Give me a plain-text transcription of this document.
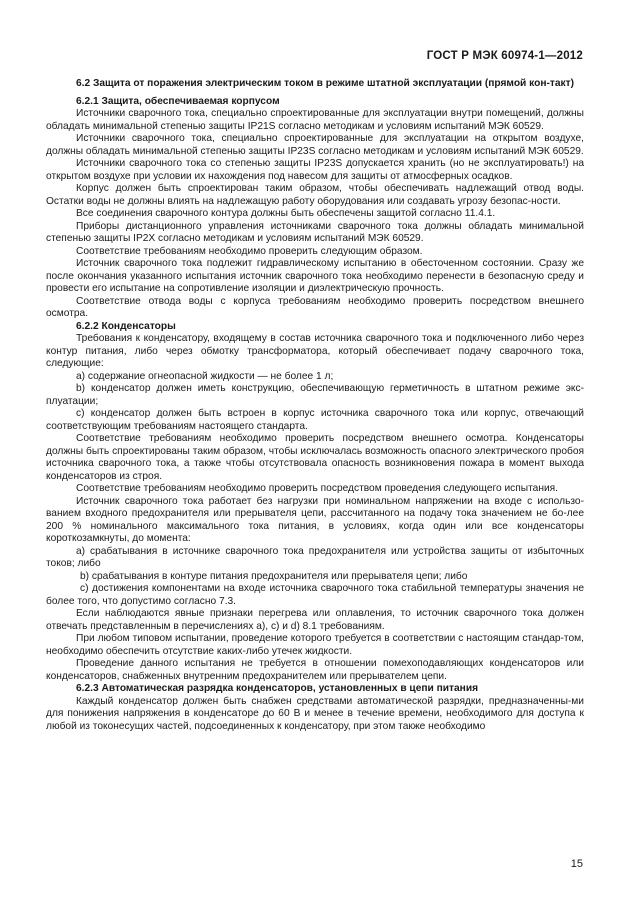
ГОСТ Р МЭК 60974-1—2012

6.2 Защита от поражения электрическим током в режиме штатной эксплуатации (прямой кон-такт)

6.2.1 Защита, обеспечиваемая корпусом

Источники сварочного тока, специально спроектированные для эксплуатации внутри помещений, должны обладать минимальной степенью защиты IP21S согласно методикам и условиям испытаний МЭК 60529.

Источники сварочного тока, специально спроектированные для эксплуатации на открытом воздухе, должны обладать минимальной степенью защиты IP23S согласно методикам и условиям испытаний МЭК 60529.

Источники сварочного тока со степенью защиты IP23S допускается хранить (но не эксплуатировать!) на открытом воздухе при условии их нахождения под навесом для защиты от атмосферных осадков.

Корпус должен быть спроектирован таким образом, чтобы обеспечивать надлежащий отвод воды. Остатки воды не должны влиять на надлежащую работу оборудования или создавать угрозу безопас-ности.

Все соединения сварочного контура должны быть обеспечены защитой согласно 11.4.1.

Приборы дистанционного управления источниками сварочного тока должны обладать минимальной степенью защиты IP2X согласно методикам и условиям испытаний МЭК 60529.

Соответствие требованиям необходимо проверить следующим образом.

Источник сварочного тока подлежит гидравлическому испытанию в обесточенном состоянии. Сразу же после окончания указанного испытания источник сварочного тока необходимо перенести в безопасную среду и провести его испытание на сопротивление изоляции и диэлектрическую прочность.

Соответствие отвода воды с корпуса требованиям необходимо проверить посредством внешнего осмотра.

6.2.2 Конденсаторы

Требования к конденсатору, входящему в состав источника сварочного тока и подключенного либо через контур питания, либо через обмотку трансформатора, который обеспечивает подачу сварочного тока, следующие:

a) содержание огнеопасной жидкости — не более 1 л;

b) конденсатор должен иметь конструкцию, обеспечивающую герметичность в штатном режиме экс-плуатации;

c) конденсатор должен быть встроен в корпус источника сварочного тока или корпус, отвечающий соответствующим требованиям настоящего стандарта.

Соответствие требованиям необходимо проверить посредством внешнего осмотра. Конденсаторы должны быть спроектированы таким образом, чтобы исключалась возможность опасного электрического пробоя источника сварочного тока, а также чтобы отсутствовала опасность возникновения пожара в момент выхода конденсаторов из строя.

Соответствие требованиям необходимо проверить посредством проведения следующего испытания.

Источник сварочного тока работает без нагрузки при номинальном напряжении на входе с использо-ванием входного предохранителя или прерывателя цепи, рассчитанного на подачу тока значением не бо-лее 200 % номинального максимального тока питания, в условиях, когда один или все конденсаторы короткозамкнуты, до момента:

a) срабатывания в источнике сварочного тока предохранителя или устройства защиты от избыточных токов; либо

b) срабатывания в контуре питания предохранителя или прерывателя цепи; либо

c) достижения компонентами на входе источника сварочного тока стабильной температуры значения не более того, что допустимо согласно 7.3.

Если наблюдаются явные признаки перегрева или оплавления, то источник сварочного тока должен отвечать представленным в перечислениях a), c) и d) 8.1 требованиям.

При любом типовом испытании, проведение которого требуется в соответствии с настоящим стандар-том, необходимо обеспечить отсутствие каких-либо утечек жидкости.

Проведение данного испытания не требуется в отношении помехоподавляющих конденсаторов или конденсаторов, снабженных внутренним предохранителем или прерывателем цепи.

6.2.3 Автоматическая разрядка конденсаторов, установленных в цепи питания

Каждый конденсатор должен быть снабжен средствами автоматической разрядки, предназначенны-ми для понижения напряжения в конденсаторе до 60 В и менее в течение времени, необходимого для доступа к любой из токонесущих частей, подсоединенных к конденсатору, при этом также необходимо

15
